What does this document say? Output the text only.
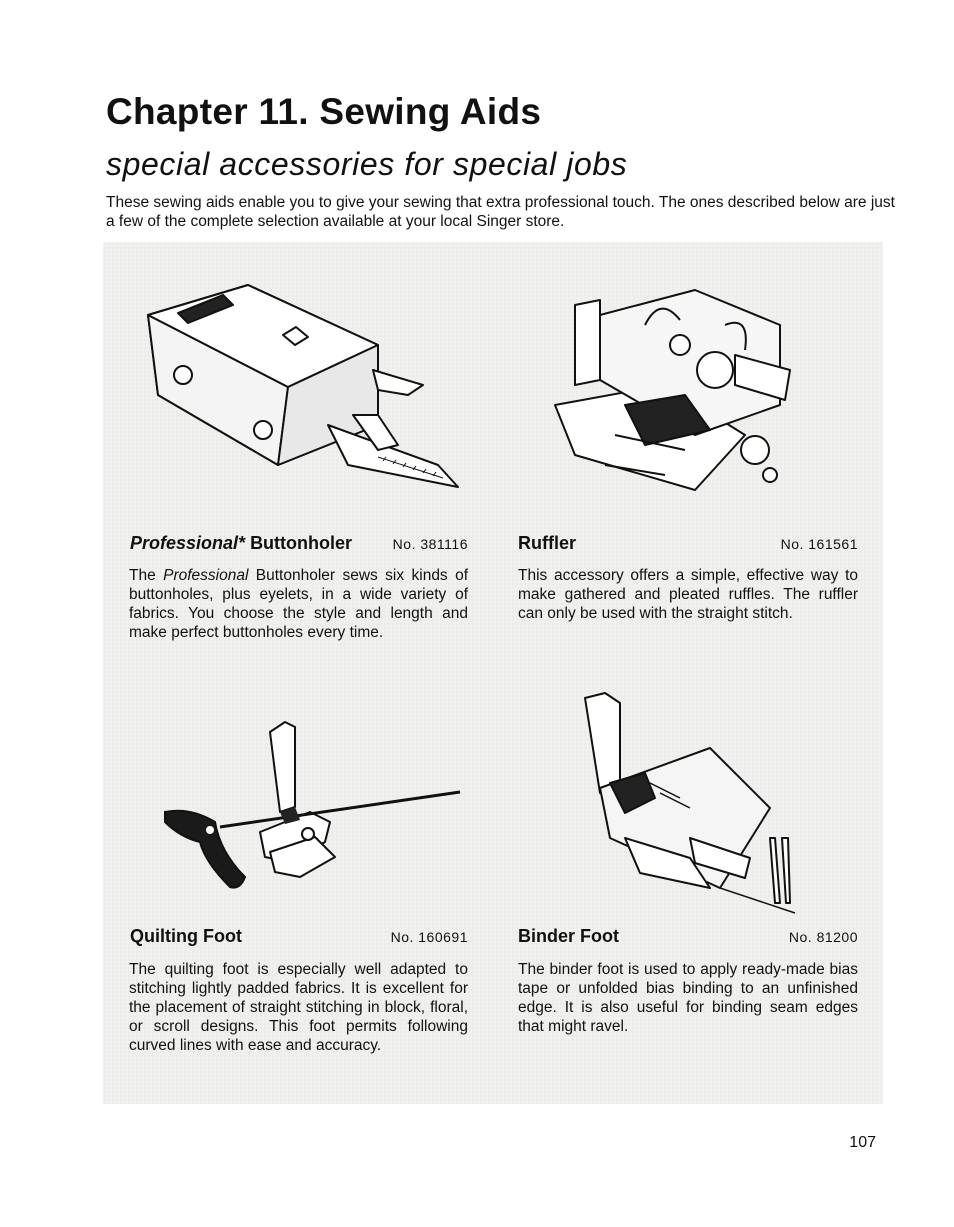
Chapter 11. Sewing Aids
special accessories for special jobs

These sewing aids enable you to give your sewing that extra professional touch. The ones described below are just a few of the complete selection available at your local Singer store.

Professional* Buttonholer	No. 381116

The Professional Buttonholer sews six kinds of buttonholes, plus eyelets, in a wide variety of fabrics. You choose the style and length and make perfect buttonholes every time.

Ruffler	No. 161561

This accessory offers a simple, effective way to make gathered and pleated ruffles. The ruffler can only be used with the straight stitch.

Quilting Foot	No. 160691

The quilting foot is especially well adapted to stitching lightly padded fabrics. It is excellent for the placement of straight stitching in block, floral, or scroll designs. This foot permits following curved lines with ease and accuracy.

Binder Foot	No. 81200

The binder foot is used to apply ready-made bias tape or unfolded bias binding to an unfinished edge. It is also useful for binding seam edges that might ravel.

107
